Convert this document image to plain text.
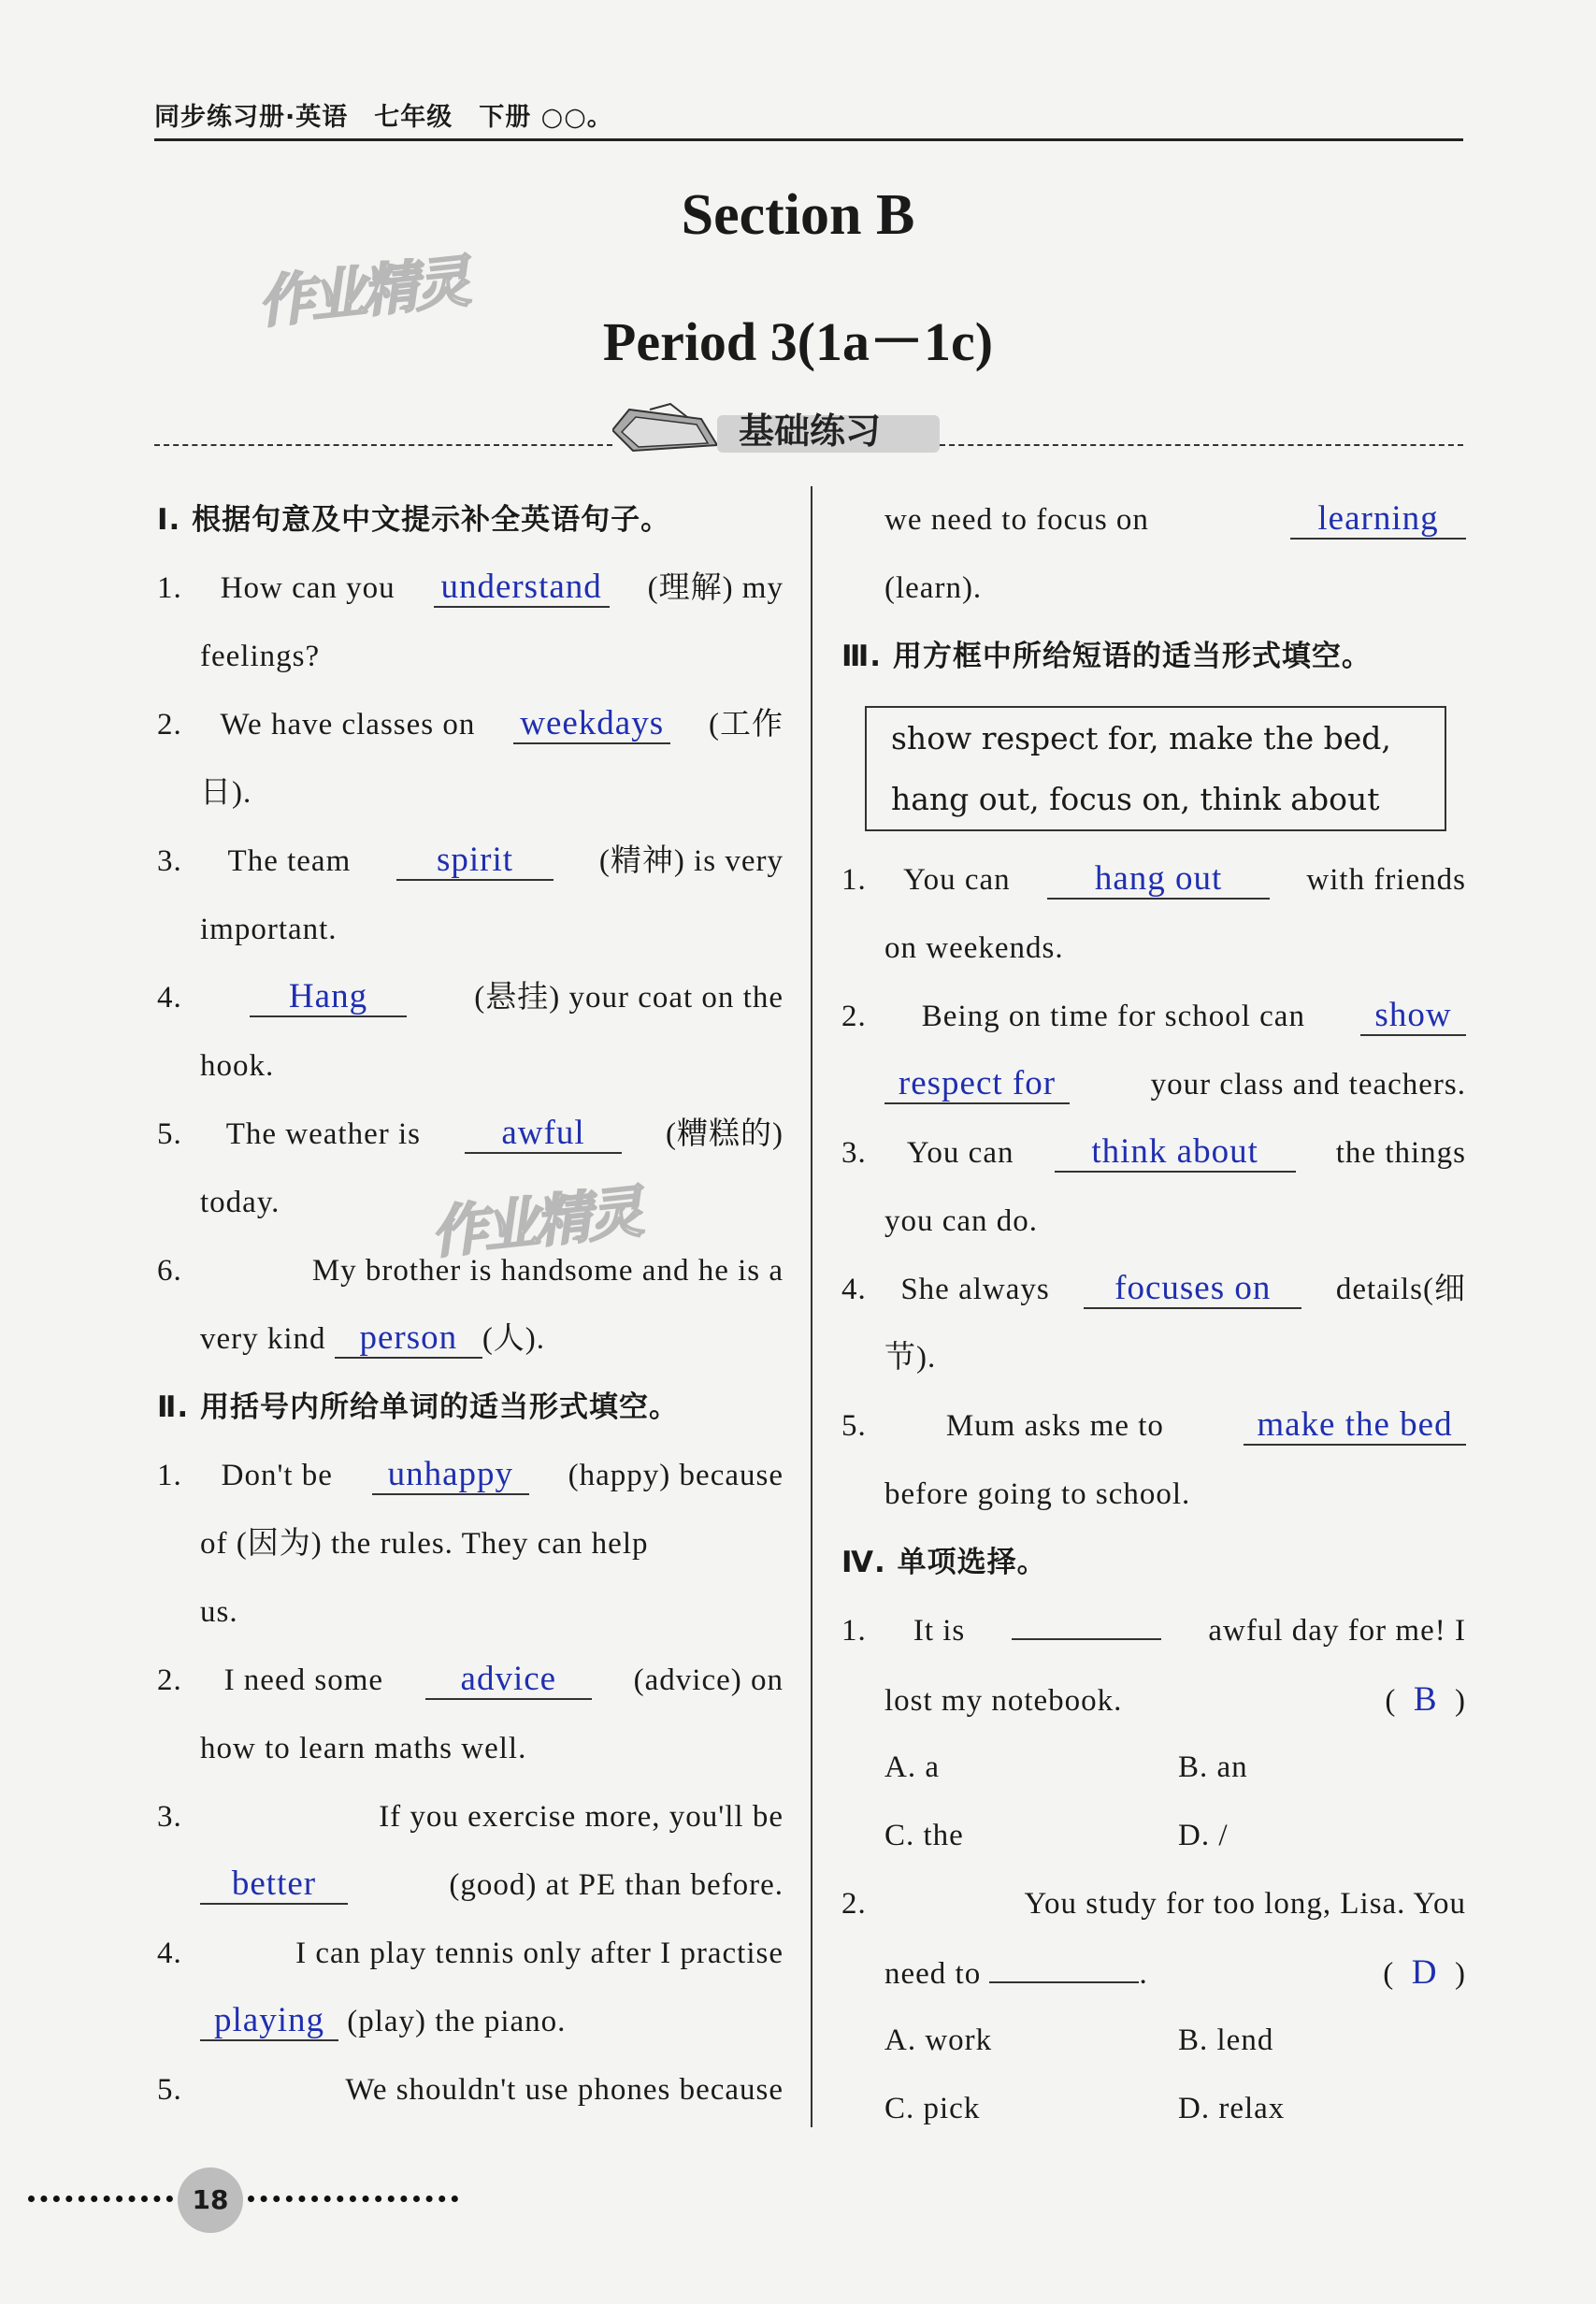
同步练习册·英语　七年级　下册 ○○。
Section B
Period 3(1a－1c)
作业精灵
作业精灵
基础练习
Ⅰ. 根据句意及中文提示补全英语句子。
1. How can you understand (理解) my
feelings?
2. We have classes on weekdays (工作
日).
3. The team	spirit	(精神) is very
important.
4.	Hang	(悬挂) your coat on the
hook.
5. The weather is	awful	(糟糕的)
today.
6.	My brother is handsome and he is a
very kind
person (人).
Ⅱ. 用括号内所给单词的适当形式填空。
1. Don't be	unhappy	(happy) because
of (因为) the rules. They can help
us.
2. I need some	advice	(advice) on
how to learn maths well.
3.	If you exercise more, you'll be
better	(good) at PE than before.
4.	I can play tennis only after I practise
playing
(play) the piano.
5.	We shouldn't use phones because
we need to focus on	learning
(learn).
Ⅲ. 用方框中所给短语的适当形式填空。
show respect for, make the bed,
hang out, focus on, think about
1. You can	hang out	with friends
on weekends.
2. Being on time for school can	show
respect for	your class and teachers.
3. You can	think about	the things
you can do.
4. She always	focuses on	details(细
节).
5.	Mum asks me to	make the bed
before going to school.
Ⅳ. 单项选择。
1. It is	awful day for me! I
lost my notebook.	(  B  )
A. a	B. an
C. the	D. /
2.	You study for too long, Lisa. You
need to	.	(  D  )
A. work	B. lend
C. pick	D. relax
18
